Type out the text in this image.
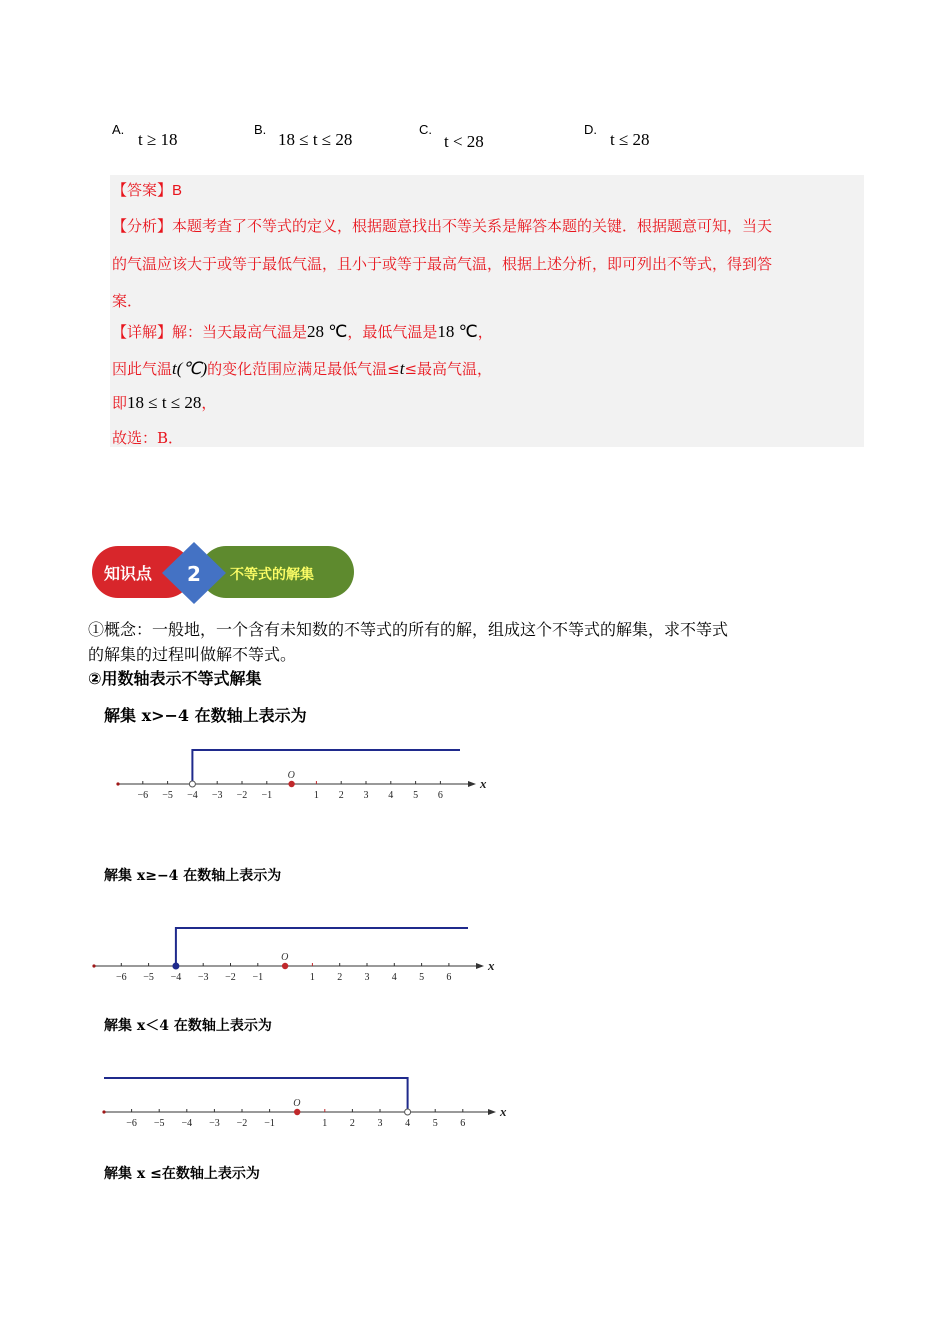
A.
t ≥ 18
B.
18 ≤ t ≤ 28
C.
t < 28
D.
t ≤ 28
【答案】B
【分析】本题考查了不等式的定义，根据题意找出不等关系是解答本题的关键．根据题意可知，当天
的气温应该大于或等于最低气温，且小于或等于最高气温，根据上述分析，即可列出不等式，得到答
案．
【详解】解：当天最高气温是28 ℃，最低气温是18 ℃，
因此气温t(℃)的变化范围应满足最低气温≤t≤最高气温，
即18 ≤ t ≤ 28，
故选：B．
知识点 2 不等式的解集
①概念：一般地，一个含有未知数的不等式的所有的解，组成这个不等式的解集，求不等式
的解集的过程叫做解不等式。
②用数轴表示不等式解集
解集 x>−4 在数轴上表示为
解集 x≥−4 在数轴上表示为
解集 x＜4 在数轴上表示为
解集 x ≤在数轴上表示为
−6 −5 −4 −3 −2 −1
O
1 2 3 4 5 6
x
−6 −5 −4 −3 −2 −1
O
1 2 3 4 5 6
x
−6 −5 −4 −3 −2 −1
O
1 2 3 4 5 6
x
